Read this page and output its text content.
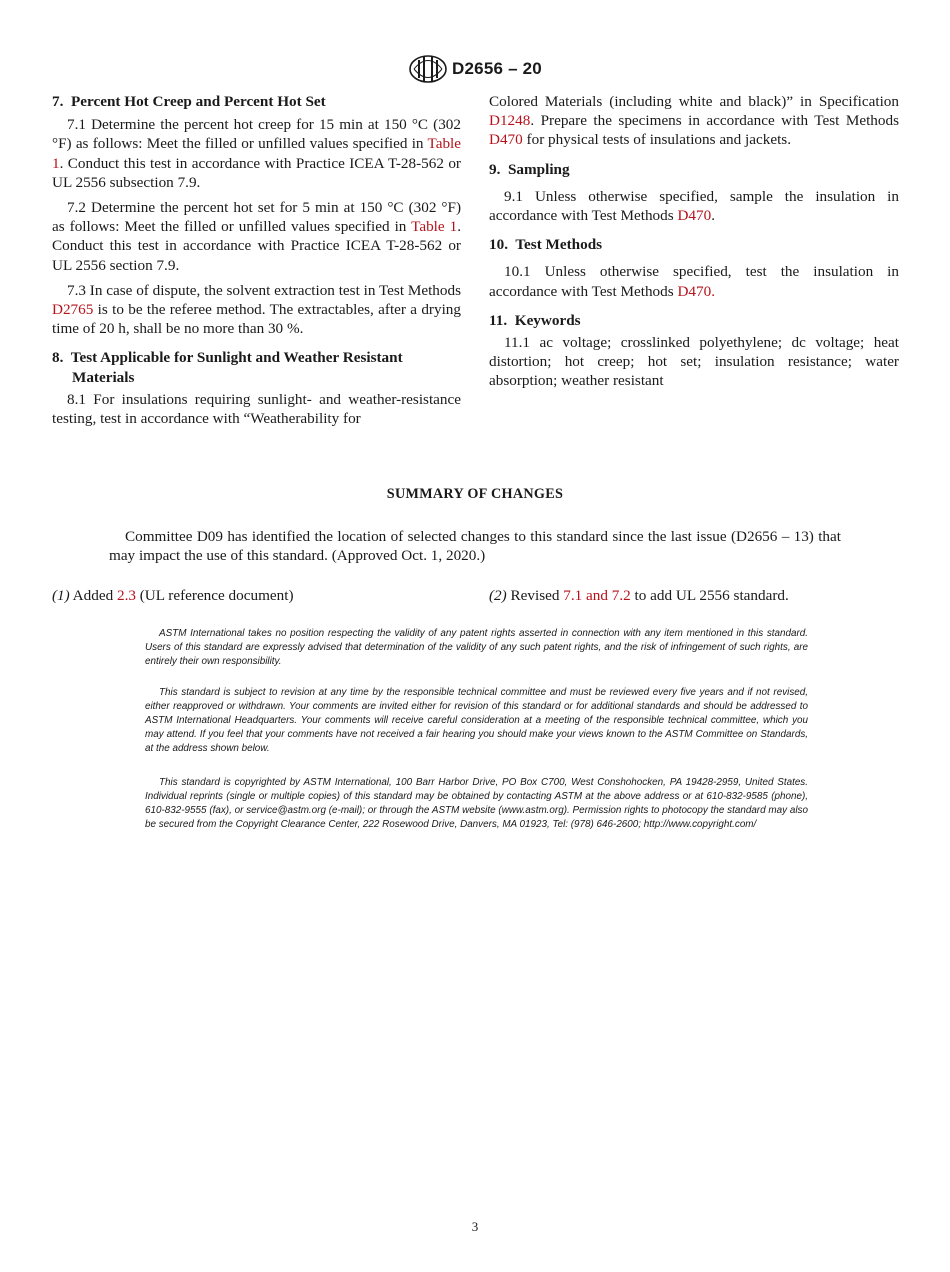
D2656 – 20
7. Percent Hot Creep and Percent Hot Set

7.1 Determine the percent hot creep for 15 min at 150 °C (302 °F) as follows: Meet the filled or unfilled values specified in Table 1. Conduct this test in accordance with Practice ICEA T-28-562 or UL 2556 subsection 7.9.

7.2 Determine the percent hot set for 5 min at 150 °C (302 °F) as follows: Meet the filled or unfilled values specified in Table 1. Conduct this test in accordance with Practice ICEA T-28-562 or UL 2556 section 7.9.

7.3 In case of dispute, the solvent extraction test in Test Methods D2765 is to be the referee method. The extractables, after a drying time of 20 h, shall be no more than 30 %.

8. Test Applicable for Sunlight and Weather Resistant Materials

8.1 For insulations requiring sunlight- and weather-resistance testing, test in accordance with “Weatherability for

Colored Materials (including white and black)” in Specification D1248. Prepare the specimens in accordance with Test Methods D470 for physical tests of insulations and jackets.

9. Sampling

9.1 Unless otherwise specified, sample the insulation in accordance with Test Methods D470.

10. Test Methods

10.1 Unless otherwise specified, test the insulation in accordance with Test Methods D470.

11. Keywords

11.1 ac voltage; crosslinked polyethylene; dc voltage; heat distortion; hot creep; hot set; insulation resistance; water absorption; weather resistant

SUMMARY OF CHANGES
Committee D09 has identified the location of selected changes to this standard since the last issue (D2656 – 13) that may impact the use of this standard. (Approved Oct. 1, 2020.)
(1) Added 2.3 (UL reference document)	(2) Revised 7.1 and 7.2 to add UL 2556 standard.
ASTM International takes no position respecting the validity of any patent rights asserted in connection with any item mentioned in this standard. Users of this standard are expressly advised that determination of the validity of any such patent rights, and the risk of infringement of such rights, are entirely their own responsibility.
This standard is subject to revision at any time by the responsible technical committee and must be reviewed every five years and if not revised, either reapproved or withdrawn. Your comments are invited either for revision of this standard or for additional standards and should be addressed to ASTM International Headquarters. Your comments will receive careful consideration at a meeting of the responsible technical committee, which you may attend. If you feel that your comments have not received a fair hearing you should make your views known to the ASTM Committee on Standards, at the address shown below.
This standard is copyrighted by ASTM International, 100 Barr Harbor Drive, PO Box C700, West Conshohocken, PA 19428-2959, United States. Individual reprints (single or multiple copies) of this standard may be obtained by contacting ASTM at the above address or at 610-832-9585 (phone), 610-832-9555 (fax), or service@astm.org (e-mail); or through the ASTM website (www.astm.org). Permission rights to photocopy the standard may also be secured from the Copyright Clearance Center, 222 Rosewood Drive, Danvers, MA 01923, Tel: (978) 646-2600; http://www.copyright.com/
3
